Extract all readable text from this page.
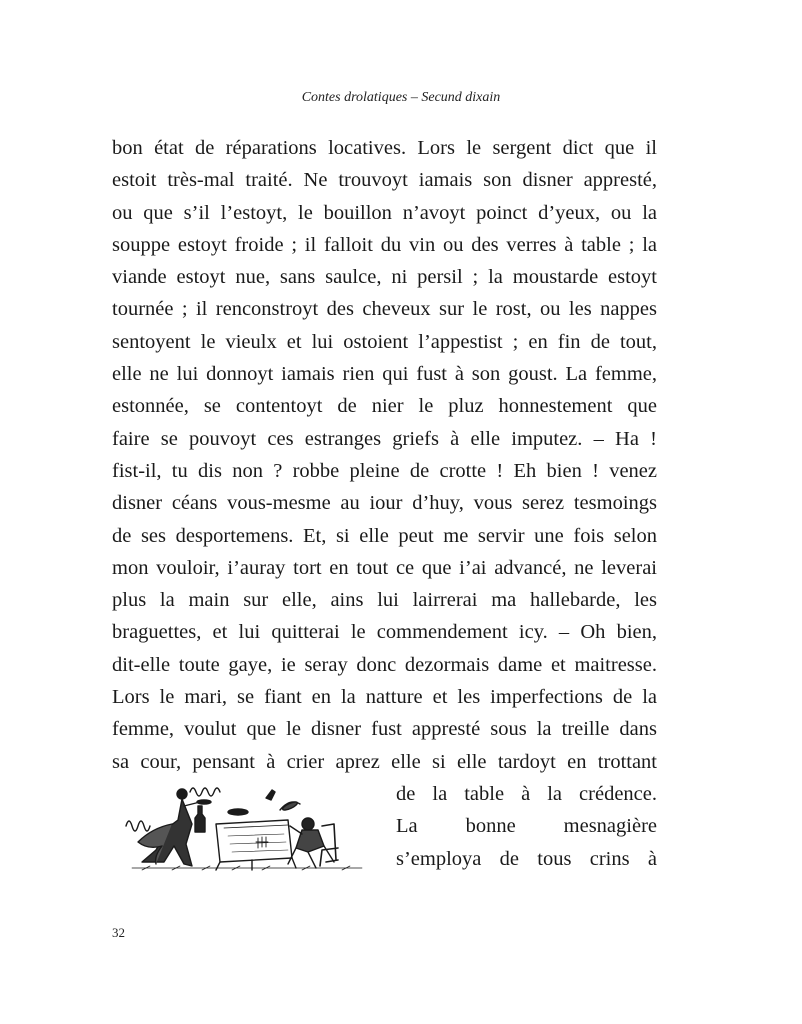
Contes drolatiques – Secund dixain
bon état de réparations locatives. Lors le sergent dict que il
estoit très-mal traité. Ne trouvoyt iamais son disner appresté,
ou que s’il l’estoyt, le bouillon n’avoyt poinct d’yeux, ou la
souppe estoyt froide ; il falloit du vin ou des verres à table ; la
viande estoyt nue, sans saulce, ni persil ; la moustarde estoyt
tournée ; il renconstroyt des cheveux sur le rost, ou les nappes
sentoyent le vieulx et lui ostoient l’appestist ; en fin de tout,
elle ne lui donnoyt iamais rien qui fust à son goust. La femme,
estonnée, se contentoyt de nier le pluz honnestement que
faire se pouvoyt ces estranges griefs à elle imputez. – Ha !
fist-il, tu dis non ? robbe pleine de crotte ! Eh bien ! venez
disner céans vous-mesme au iour d’huy, vous serez tesmoings
de ses desportemens. Et, si elle peut me servir une fois selon
mon vouloir, i’auray tort en tout ce que i’ai advancé, ne leverai
plus la main sur elle, ains lui lairrerai ma hallebarde, les
braguettes, et lui quitterai le commendement icy. – Oh bien,
dit-elle toute gaye, ie seray donc dezormais dame et maitresse.
Lors le mari, se fiant en la natture et les imperfections de la
femme, voulut que le disner fust appresté sous la treille dans
sa cour, pensant à crier aprez elle si elle tardoyt en trottant
de la table à la crédence.
La bonne mesnagière
s’employa de tous crins à
32
